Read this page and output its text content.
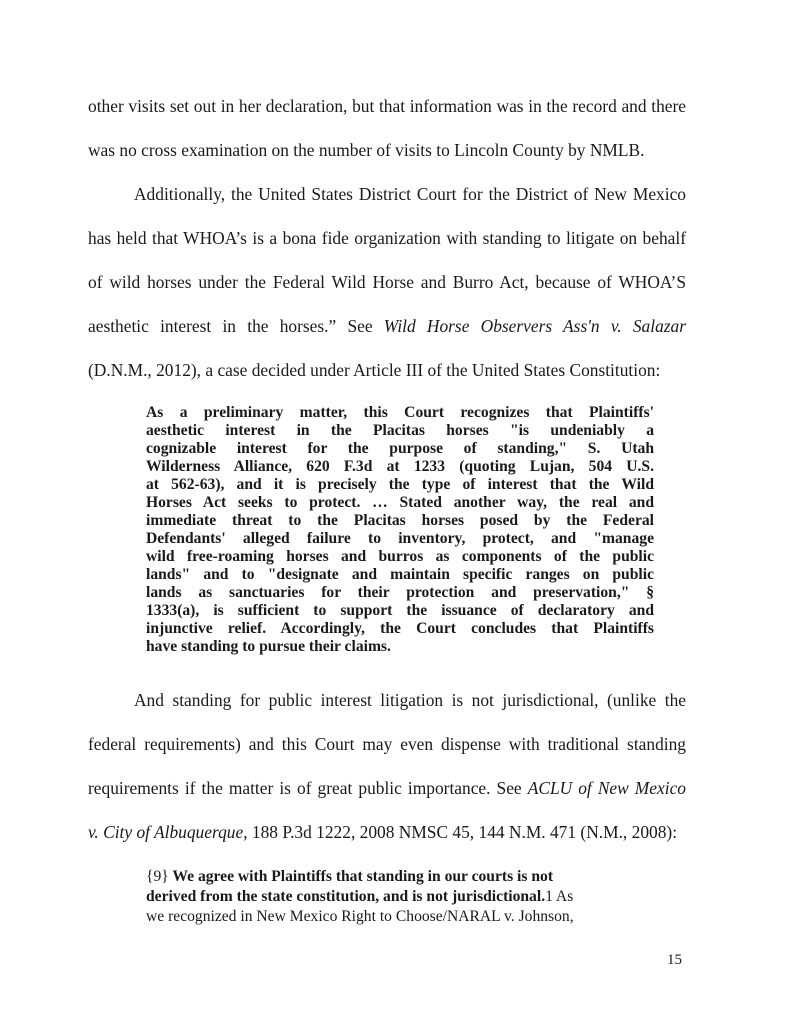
other visits set out in her declaration, but that information was in the record and there
was no cross examination on the number of visits to Lincoln County by NMLB.
Additionally, the United States District Court for the District of New Mexico
has held that WHOA’s is a bona fide organization with standing to litigate on behalf
of wild horses under the Federal Wild Horse and Burro Act, because of WHOA’S
aesthetic interest in the horses.” See Wild Horse Observers Ass'n v. Salazar
(D.N.M., 2012), a case decided under Article III of the United States Constitution:
As a preliminary matter, this Court recognizes that Plaintiffs'
aesthetic interest in the Placitas horses "is undeniably a
cognizable interest for the purpose of standing," S. Utah
Wilderness Alliance, 620 F.3d at 1233 (quoting Lujan, 504 U.S.
at 562-63), and it is precisely the type of interest that the Wild
Horses Act seeks to protect. … Stated another way, the real and
immediate threat to the Placitas horses posed by the Federal
Defendants' alleged failure to inventory, protect, and "manage
wild free-roaming horses and burros as components of the public
lands" and to "designate and maintain specific ranges on public
lands as sanctuaries for their protection and preservation," §
1333(a), is sufficient to support the issuance of declaratory and
injunctive relief. Accordingly, the Court concludes that Plaintiffs
have standing to pursue their claims.
And standing for public interest litigation is not jurisdictional, (unlike the
federal requirements) and this Court may even dispense with traditional standing
requirements if the matter is of great public importance. See ACLU of New Mexico
v. City of Albuquerque, 188 P.3d 1222, 2008 NMSC 45, 144 N.M. 471 (N.M., 2008):
{9} We agree with Plaintiffs that standing in our courts is not
derived from the state constitution, and is not jurisdictional.1 As
we recognized in New Mexico Right to Choose/NARAL v. Johnson,
15
